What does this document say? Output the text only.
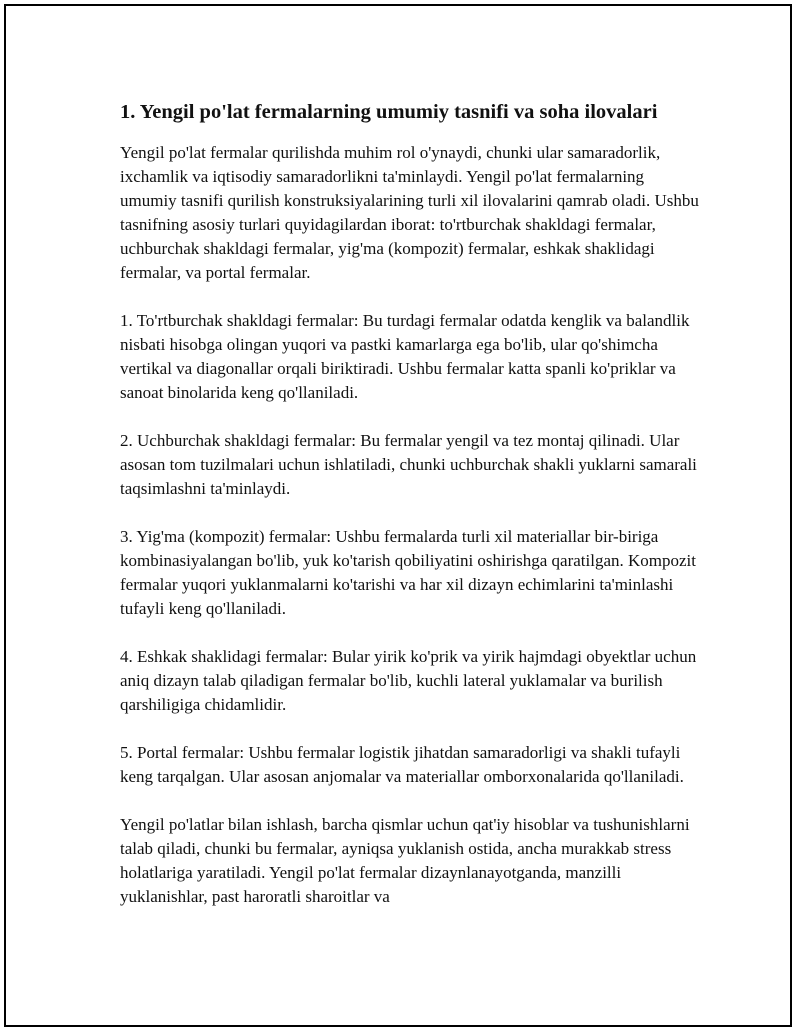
1. Yengil po'lat fermalarning umumiy tasnifi va soha ilovalari

Yengil po'lat fermalar qurilishda muhim rol o'ynaydi, chunki ular samaradorlik, ixchamlik va iqtisodiy samaradorlikni ta'minlaydi. Yengil po'lat fermalarning umumiy tasnifi qurilish konstruksiyalarining turli xil ilovalarini qamrab oladi. Ushbu tasnifning asosiy turlari quyidagilardan iborat: to'rtburchak shakldagi fermalar, uchburchak shakldagi fermalar, yig'ma (kompozit) fermalar, eshkak shaklidagi fermalar, va portal fermalar.

1. To'rtburchak shakldagi fermalar: Bu turdagi fermalar odatda kenglik va balandlik nisbati hisobga olingan yuqori va pastki kamarlarga ega bo'lib, ular qo'shimcha vertikal va diagonallar orqali biriktiradi. Ushbu fermalar katta spanli ko'priklar va sanoat binolarida keng qo'llaniladi.

2. Uchburchak shakldagi fermalar: Bu fermalar yengil va tez montaj qilinadi. Ular asosan tom tuzilmalari uchun ishlatiladi, chunki uchburchak shakli yuklarni samarali taqsimlashni ta'minlaydi.

3. Yig'ma (kompozit) fermalar: Ushbu fermalarda turli xil materiallar bir-biriga kombinasiyalangan bo'lib, yuk ko'tarish qobiliyatini oshirishga qaratilgan. Kompozit fermalar yuqori yuklanmalarni ko'tarishi va har xil dizayn echimlarini ta'minlashi tufayli keng qo'llaniladi.

4. Eshkak shaklidagi fermalar: Bular yirik ko'prik va yirik hajmdagi obyektlar uchun aniq dizayn talab qiladigan fermalar bo'lib, kuchli lateral yuklamalar va burilish qarshiligiga chidamlidir.

5. Portal fermalar: Ushbu fermalar logistik jihatdan samaradorligi va shakli tufayli keng tarqalgan. Ular asosan anjomalar va materiallar omborxonalarida qo'llaniladi.

Yengil po'latlar bilan ishlash, barcha qismlar uchun qat'iy hisoblar va tushunishlarni talab qiladi, chunki bu fermalar, ayniqsa yuklanish ostida, ancha murakkab stress holatlariga yaratiladi. Yengil po'lat fermalar dizaynlanayotganda, manzilli yuklanishlar, past haroratli sharoitlar va
